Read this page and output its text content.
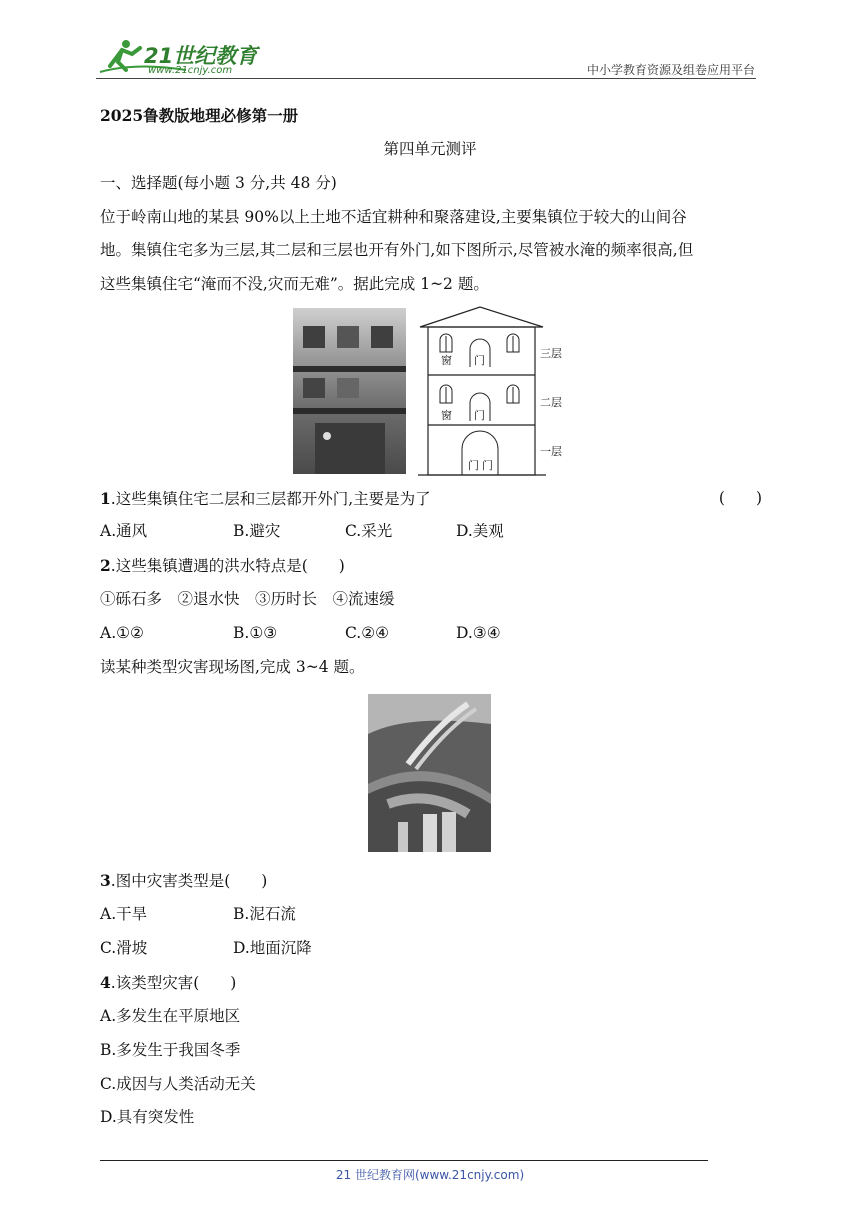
21世纪教育
www.21cnjy.com	中小学教育资源及组卷应用平台
2025鲁教版地理必修第一册
第四单元测评
一、选择题(每小题 3 分,共 48 分)
位于岭南山地的某县 90%以上土地不适宜耕种和聚落建设,主要集镇位于较大的山间谷
地。集镇住宅多为三层,其二层和三层也开有外门,如下图所示,尽管被水淹的频率很高,但
这些集镇住宅“淹而不没,灾而无难”。据此完成 1~2 题。
窗 门
窗 门
门 门
三层
二层
一层
1.这些集镇住宅二层和三层都开外门,主要是为了	(　　)
A.通风	B.避灾	C.采光	D.美观
2.这些集镇遭遇的洪水特点是(　　)
①砾石多　②退水快　③历时长　④流速缓
A.①②	B.①③	C.②④	D.③④
读某种类型灾害现场图,完成 3~4 题。
3.图中灾害类型是(　　)
A.干旱	B.泥石流
C.滑坡	D.地面沉降
4.该类型灾害(　　)
A.多发生在平原地区
B.多发生于我国冬季
C.成因与人类活动无关
D.具有突发性
21 世纪教育网(www.21cnjy.com)
